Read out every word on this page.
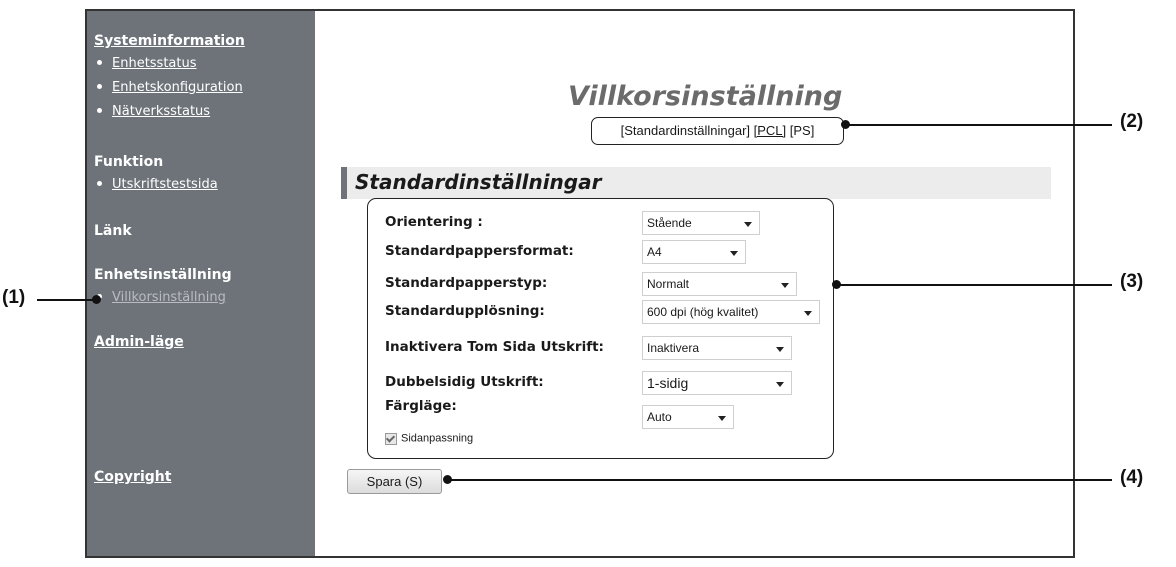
Systeminformation
Enhetsstatus
Enhetskonfiguration
Nätverksstatus
Funktion
Utskriftstestsida
Länk
Enhetsinställning
Villkorsinställning
Admin-läge
Copyright
Villkorsinställning
[Standardinställningar] [PCL] [PS]
Standardinställningar
Orientering :	Stående
Standardpappersformat:	A4
Standardpapperstyp:	Normalt
Standardupplösning:	600 dpi (hög kvalitet)
Inaktivera Tom Sida Utskrift:	Inaktivera
Dubbelsidig Utskrift:	1-sidig
Färgläge:
Auto
Sidanpassning
Spara (S)
(1)
(2)
(3)
(4)
